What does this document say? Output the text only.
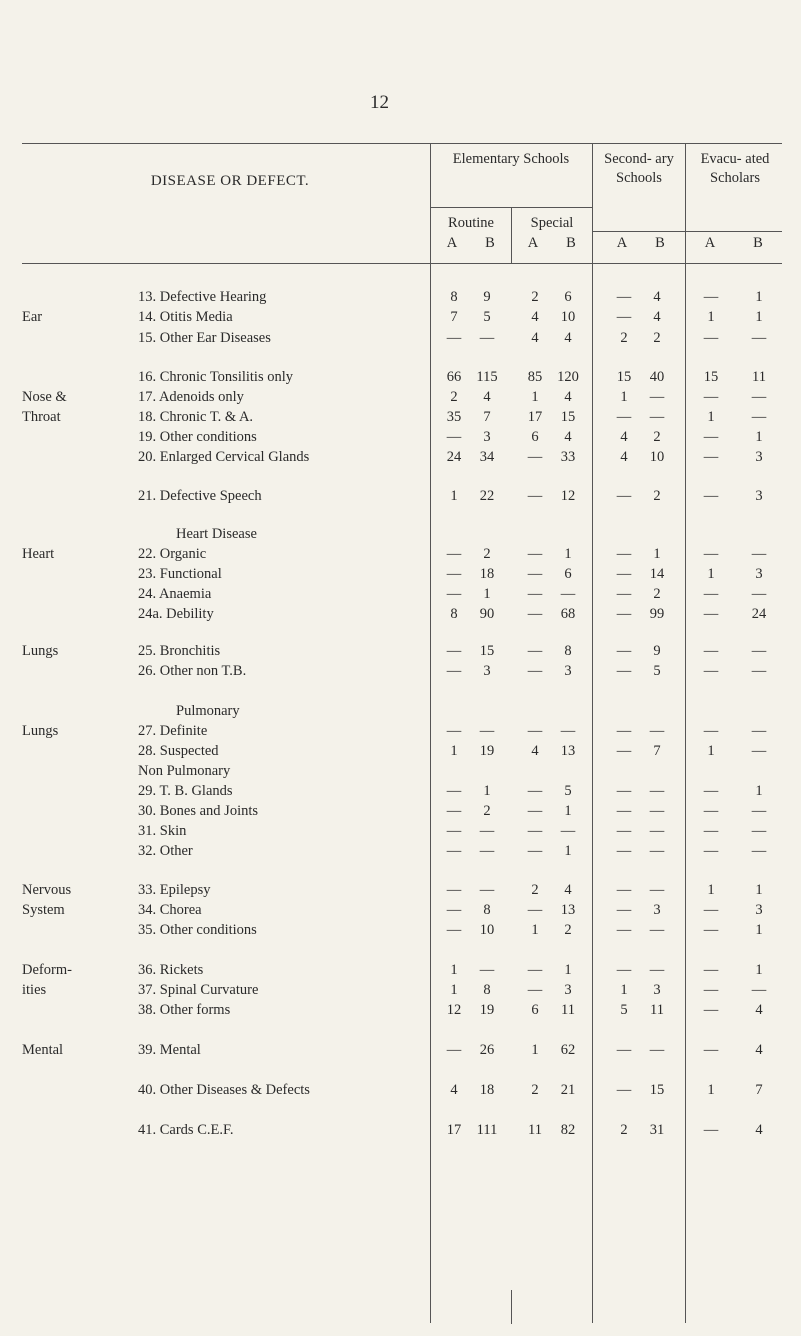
12
DISEASE OR DEFECT.
Elementary Schools
Routine	Special
Second- ary Schools
Evacu- ated Scholars
A	B	A	B	A	B	A	B
13. Defective Hearing	8	9	2	6	—	4	—	1
Ear	14. Otitis Media	7	5	4	10	—	4	1	1
15. Other Ear Diseases	—	—	4	4	2	2	—	—
16. Chronic Tonsilitis only	66	115	85	120	15	40	15	11
Nose &	17. Adenoids only	2	4	1	4	1	—	—	—
Throat	18. Chronic T. & A.	35	7	17	15	—	—	1	—
19. Other conditions	—	3	6	4	4	2	—	1
20. Enlarged Cervical Glands	24	34	—	33	4	10	—	3
21. Defective Speech	1	22	—	12	—	2	—	3
Heart Disease
Heart	22. Organic	—	2	—	1	—	1	—	—
23. Functional	—	18	—	6	—	14	1	3
24. Anaemia	—	1	—	—	—	2	—	—
24a. Debility	8	90	—	68	—	99	—	24
Lungs	25. Bronchitis	—	15	—	8	—	9	—	—
26. Other non T.B.	—	3	—	3	—	5	—	—
Pulmonary
Lungs	27. Definite	—	—	—	—	—	—	—	—
28. Suspected	1	19	4	13	—	7	1	—
Non Pulmonary
29. T. B. Glands	—	1	—	5	—	—	—	1
30. Bones and Joints	—	2	—	1	—	—	—	—
31. Skin	—	—	—	—	—	—	—	—
32. Other	—	—	—	1	—	—	—	—
Nervous	33. Epilepsy	—	—	2	4	—	—	1	1
System	34. Chorea	—	8	—	13	—	3	—	3
35. Other conditions	—	10	1	2	—	—	—	1
Deform-	36. Rickets	1	—	—	1	—	—	—	1
ities	37. Spinal Curvature	1	8	—	3	1	3	—	—
38. Other forms	12	19	6	11	5	11	—	4
Mental	39. Mental	—	26	1	62	—	—	—	4
40. Other Diseases & Defects	4	18	2	21	—	15	1	7
41. Cards C.E.F.	17	111	11	82	2	31	—	4
